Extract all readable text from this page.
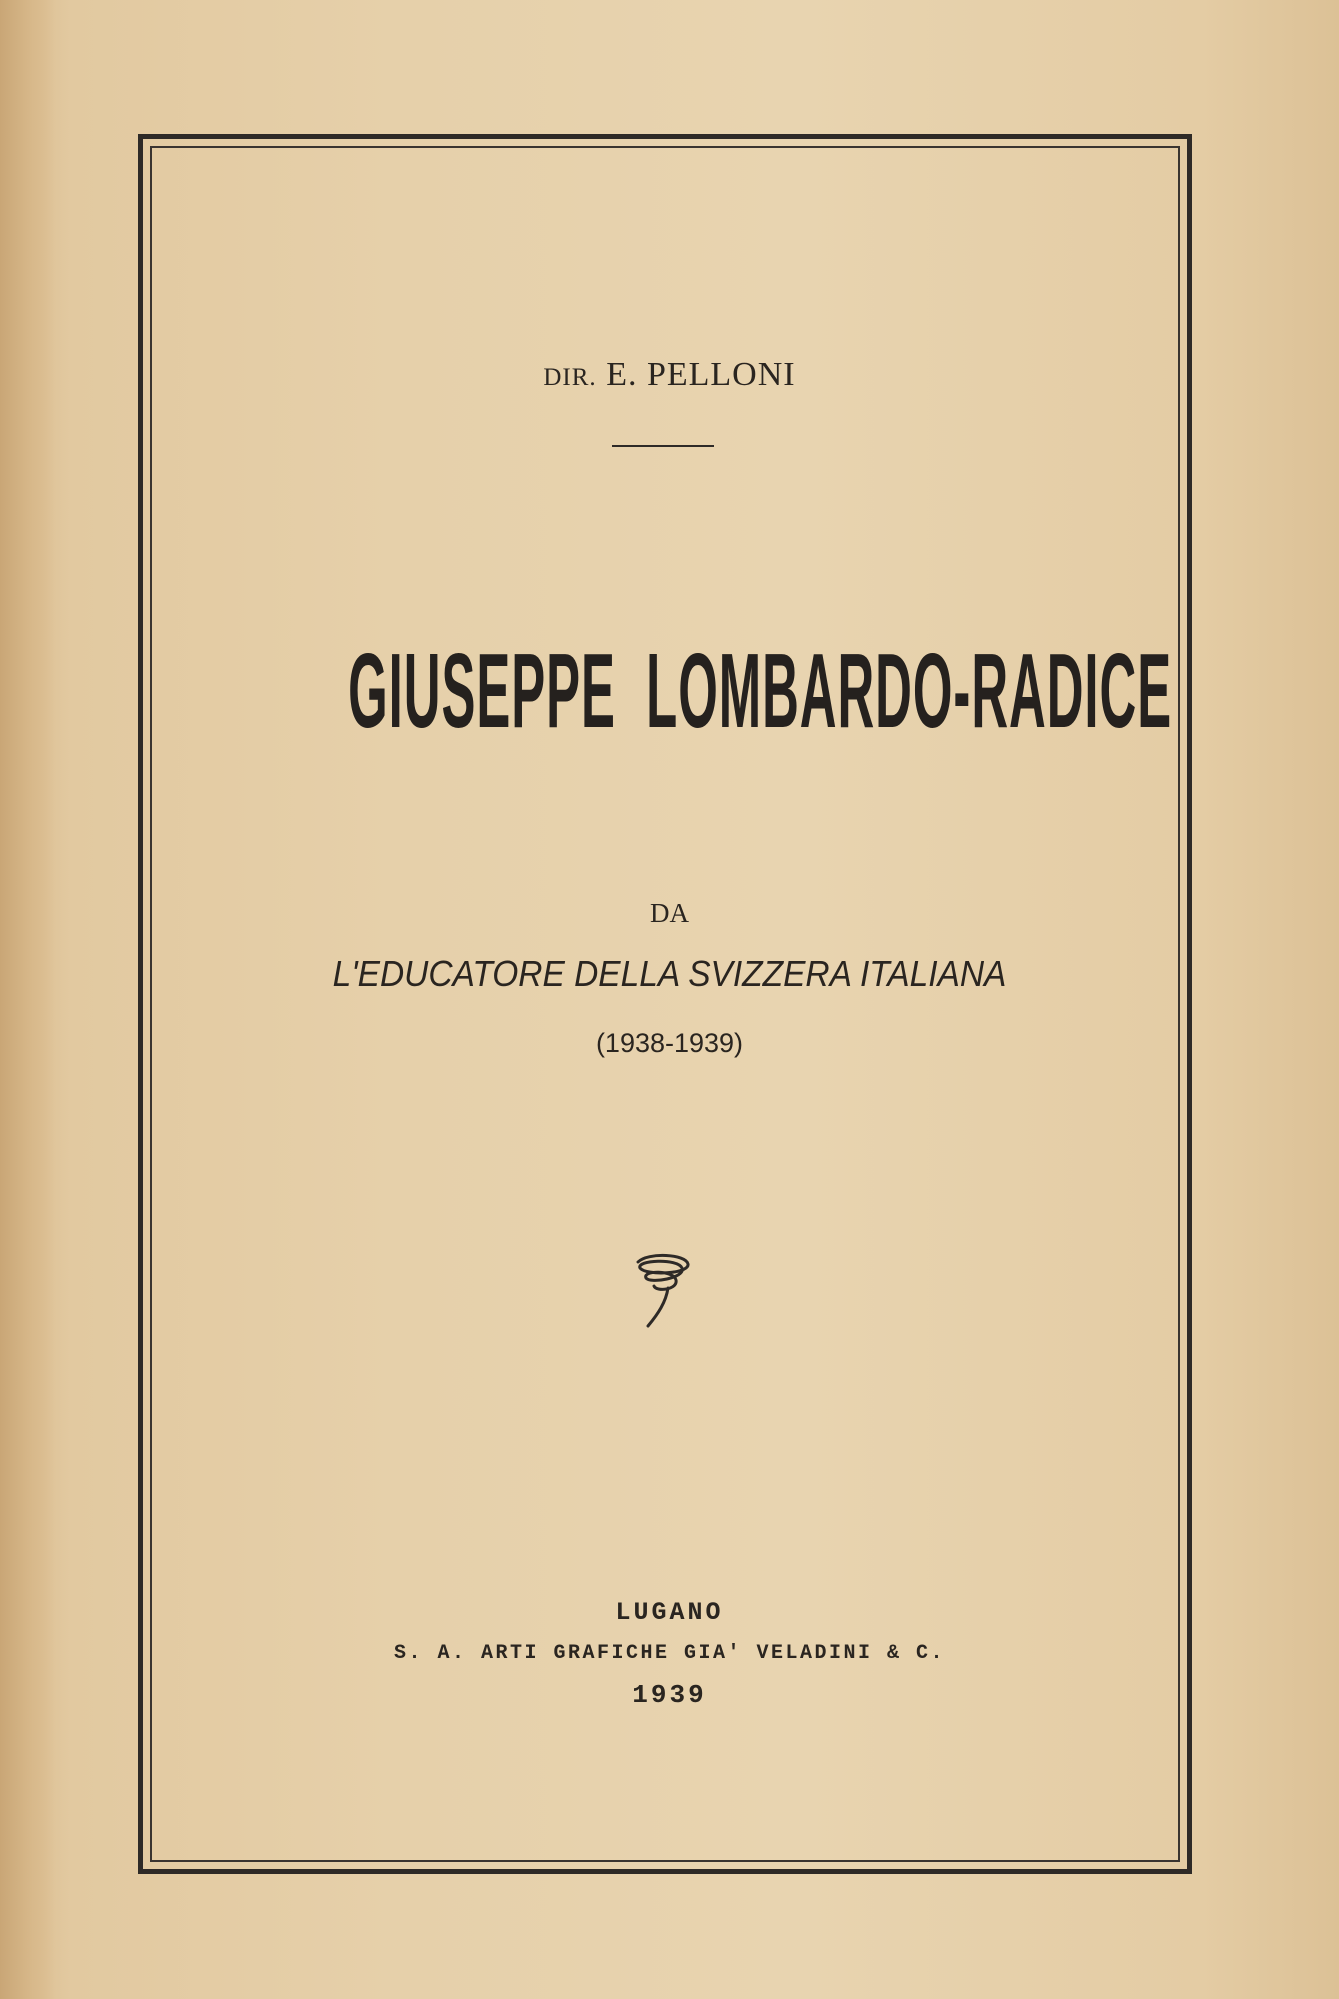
DIR. E. PELLONI
GIUSEPPE  LOMBARDO-RADICE
DA
L'EDUCATORE DELLA SVIZZERA ITALIANA
(1938-1939)
LUGANO
S. A. ARTI GRAFICHE GIA' VELADINI & C.
1939
